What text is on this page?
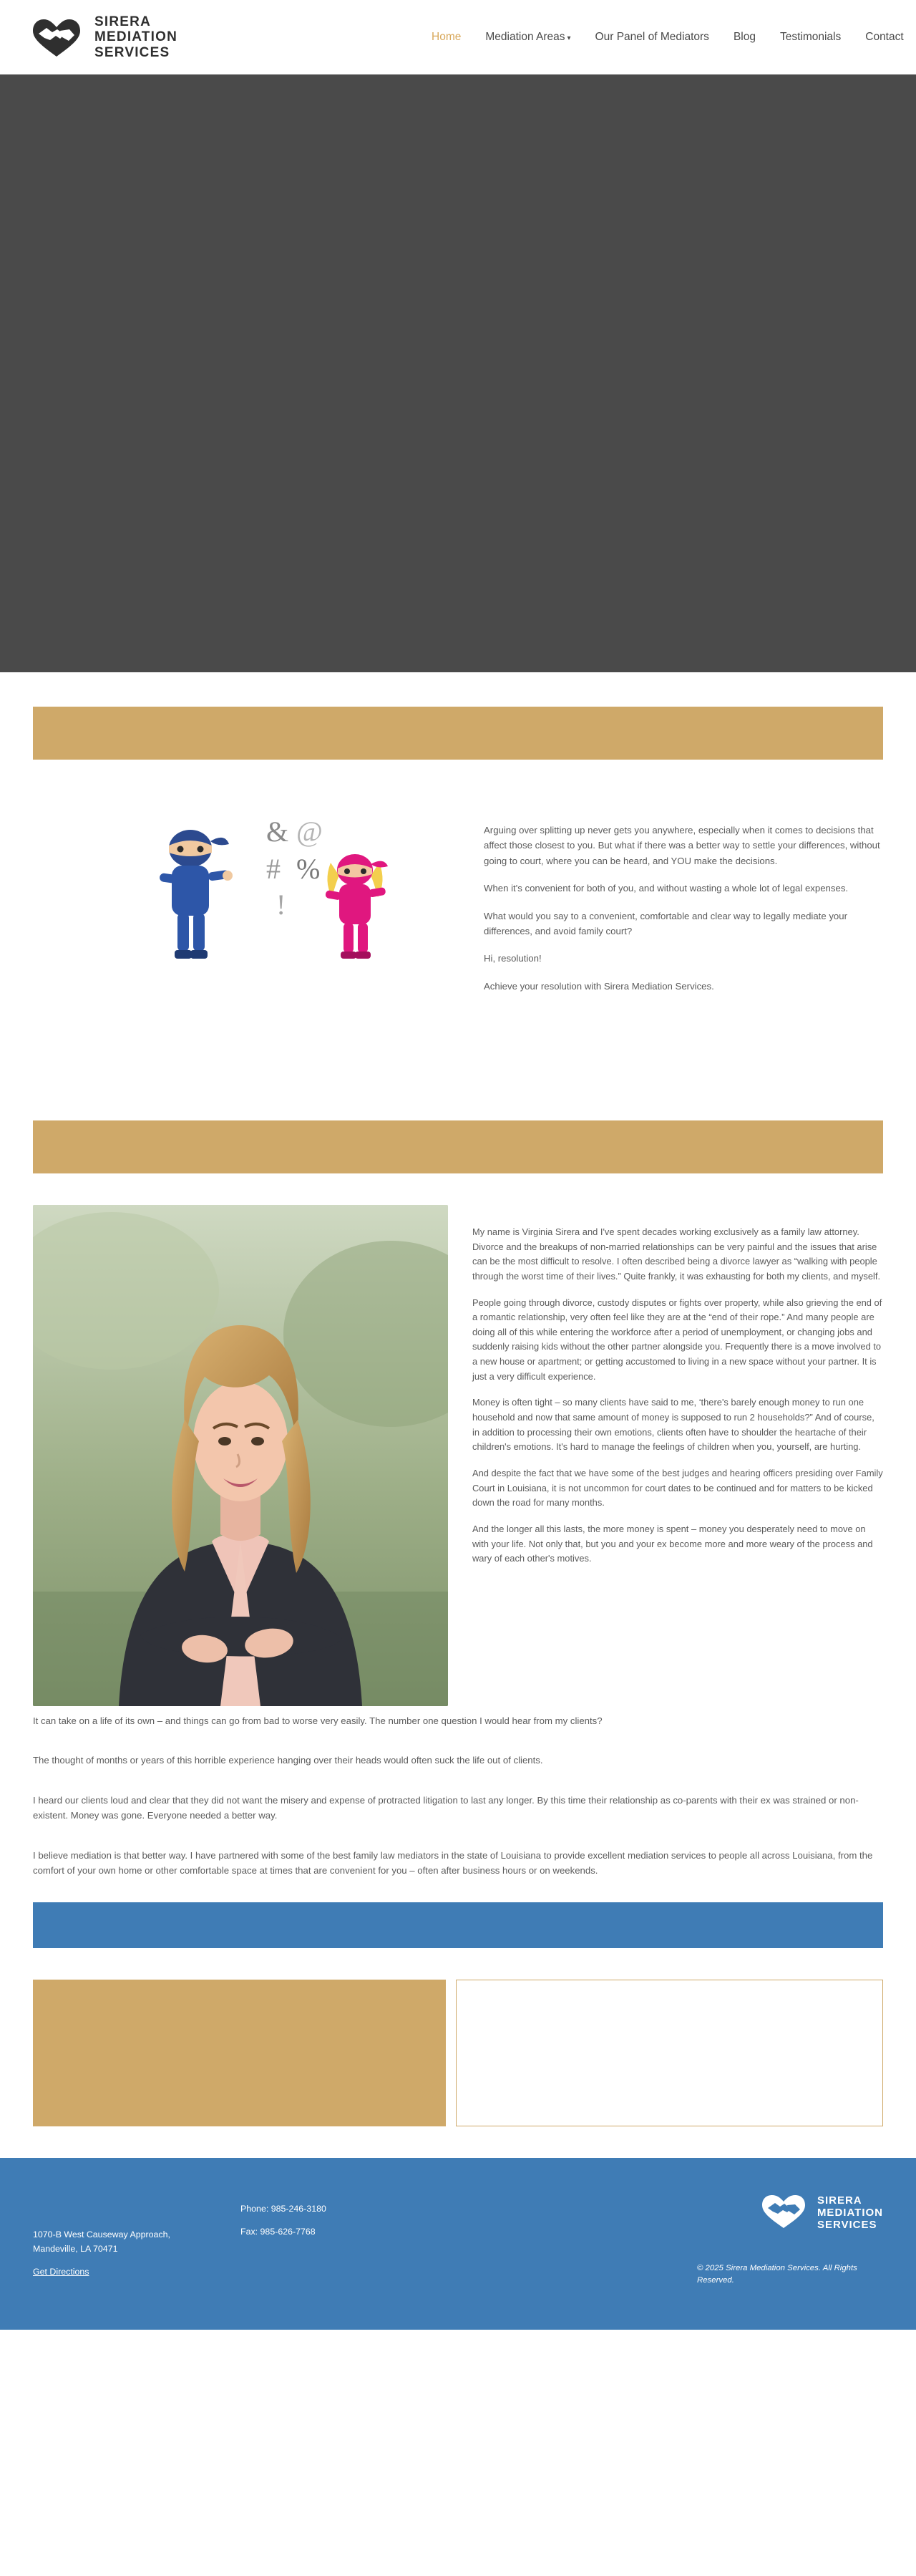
SIRERA
MEDIATION
SERVICES
Home Mediation Areas ▾ Our Panel of Mediators Blog Testimonials Contact
& @
# %
!

Arguing over splitting up never gets you anywhere, especially when it comes to decisions that affect those closest to you. But what if there was a better way to settle your differences, without going to court, where you can be heard, and YOU make the decisions.

When it's convenient for both of you, and without wasting a whole lot of legal expenses.

What would you say to a convenient, comfortable and clear way to legally mediate your differences, and avoid family court?

Hi, resolution!

Achieve your resolution with Sirera Mediation Services.

My name is Virginia Sirera and I've spent decades working exclusively as a family law attorney. Divorce and the breakups of non-married relationships can be very painful and the issues that arise can be the most difficult to resolve. I often described being a divorce lawyer as “walking with people through the worst time of their lives.” Quite frankly, it was exhausting for both my clients, and myself.

People going through divorce, custody disputes or fights over property, while also grieving the end of a romantic relationship, very often feel like they are at the “end of their rope.” And many people are doing all of this while entering the workforce after a period of unemployment, or changing jobs and suddenly raising kids without the other partner alongside you. Frequently there is a move involved to a new house or apartment; or getting accustomed to living in a new space without your partner. It is just a very difficult experience.

Money is often tight – so many clients have said to me, ‘there's barely enough money to run one household and now that same amount of money is supposed to run 2 households?” And of course, in addition to processing their own emotions, clients often have to shoulder the heartache of their children's emotions. It's hard to manage the feelings of children when you, yourself, are hurting.

And despite the fact that we have some of the best judges and hearing officers presiding over Family Court in Louisiana, it is not uncommon for court dates to be continued and for matters to be kicked down the road for many months.

And the longer all this lasts, the more money is spent – money you desperately need to move on with your life. Not only that, but you and your ex become more and more weary of the process and wary of each other's motives.

It can take on a life of its own – and things can go from bad to worse very easily. The number one question I would hear from my clients?

The thought of months or years of this horrible experience hanging over their heads would often suck the life out of clients.

I heard our clients loud and clear that they did not want the misery and expense of protracted litigation to last any longer. By this time their relationship as co-parents with their ex was strained or non-existent. Money was gone. Everyone needed a better way.

I believe mediation is that better way. I have partnered with some of the best family law mediators in the state of Louisiana to provide excellent mediation services to people all across Louisiana, from the comfort of your own home or other comfortable space at times that are convenient for you – often after business hours or on weekends.

1070-B West Causeway Approach,
Mandeville, LA 70471
Get Directions
Phone: 985-246-3180
Fax: 985-626-7768
SIRERA
MEDIATION
SERVICES
© 2025 Sirera Mediation Services. All Rights Reserved.
